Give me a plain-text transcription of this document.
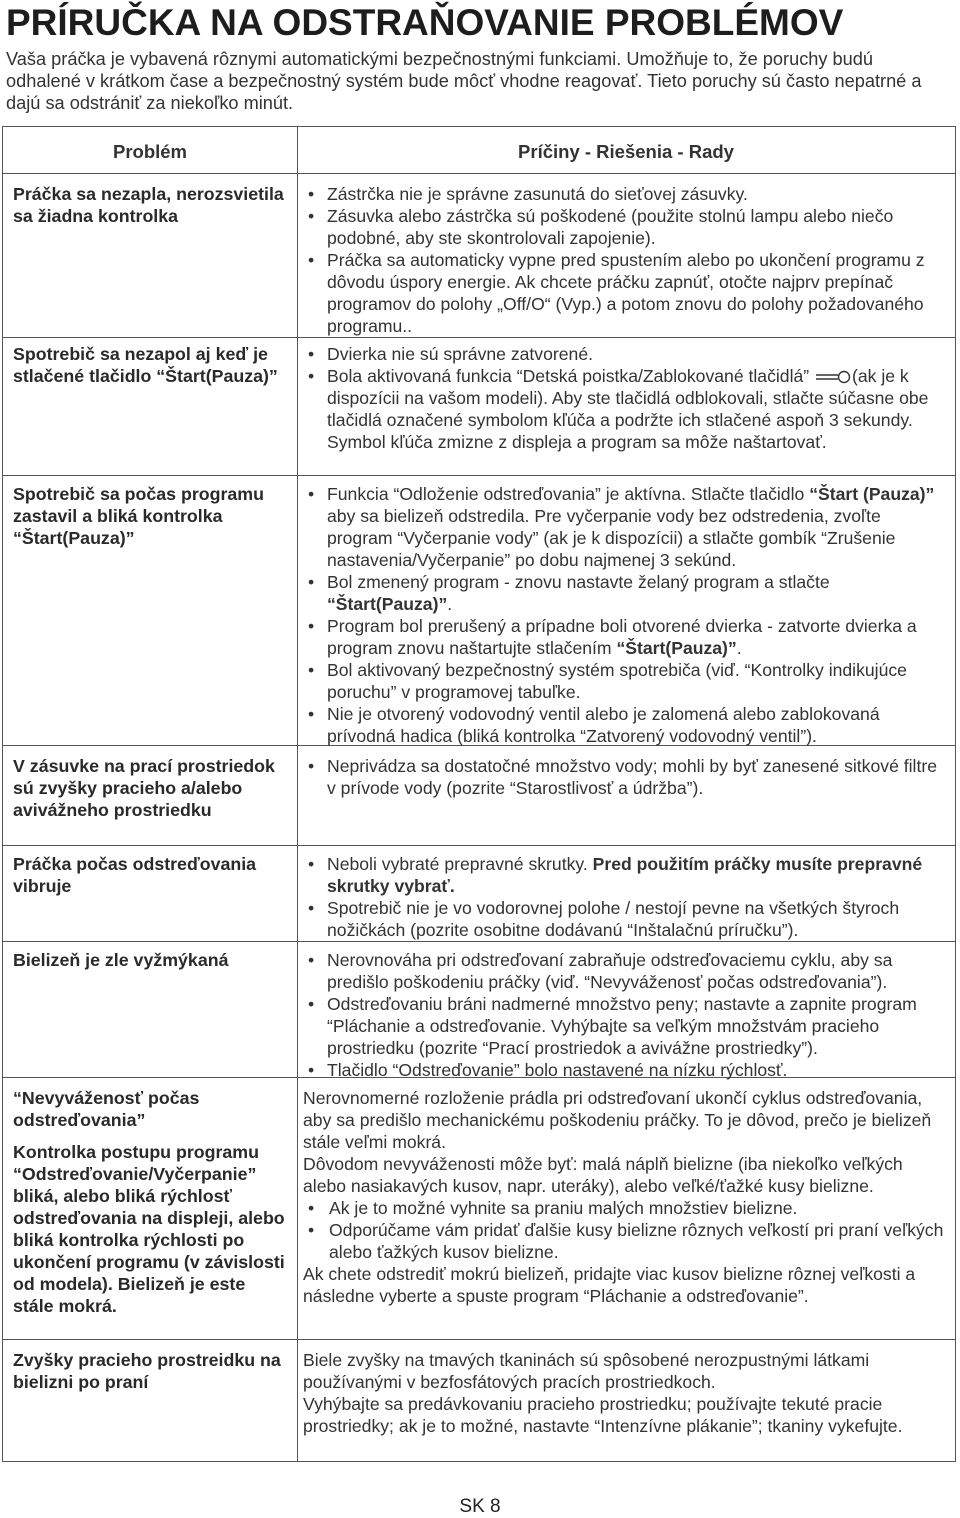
PRÍRUČKA NA ODSTRAŇOVANIE PROBLÉMOV

Vaša práčka je vybavená rôznymi automatickými bezpečnostnými funkciami. Umožňuje to, že poruchy budú odhalené v krátkom čase a bezpečnostný systém bude môcť vhodne reagovať. Tieto poruchy sú často nepatrné a dajú sa odstrániť za niekoľko minút.

Problém	Príčiny - Riešenia - Rady
Práčka sa nezapla, nerozsvietila sa žiadna kontrolka
• Zástrčka nie je správne zasunutá do sieťovej zásuvky.
• Zásuvka alebo zástrčka sú poškodené (použite stolnú lampu alebo niečo podobné, aby ste skontrolovali zapojenie).
• Práčka sa automaticky vypne pred spustením alebo po ukončení programu z dôvodu úspory energie. Ak chcete práčku zapnúť, otočte najprv prepínač programov do polohy „Off/O“ (Vyp.) a potom znovu do polohy požadovaného programu..
Spotrebič sa nezapol aj keď je stlačené tlačidlo “Štart(Pauza)”
• Dvierka nie sú správne zatvorené.
• Bola aktivovaná funkcia “Detská poistka/Zablokované tlačidlá” (ak je k dispozícii na vašom modeli). Aby ste tlačidlá odblokovali, stlačte súčasne obe tlačidlá označené symbolom kľúča a podržte ich stlačené aspoň 3 sekundy. Symbol kľúča zmizne z displeja a program sa môže naštartovať.
Spotrebič sa počas programu zastavil a bliká kontrolka “Štart(Pauza)”
• Funkcia “Odloženie odstreďovania” je aktívna. Stlačte tlačidlo “Štart (Pauza)” aby sa bielizeň odstredila. Pre vyčerpanie vody bez odstredenia, zvoľte program “Vyčerpanie vody” (ak je k dispozícii) a stlačte gombík “Zrušenie nastavenia/Vyčerpanie” po dobu najmenej 3 sekúnd.
• Bol zmenený program - znovu nastavte želaný program a stlačte “Štart(Pauza)”.
• Program bol prerušený a prípadne boli otvorené dvierka - zatvorte dvierka a program znovu naštartujte stlačením “Štart(Pauza)”.
• Bol aktivovaný bezpečnostný systém spotrebiča (viď. “Kontrolky indikujúce poruchu” v programovej tabuľke.
• Nie je otvorený vodovodný ventil alebo je zalomená alebo zablokovaná prívodná hadica (bliká kontrolka “Zatvorený vodovodný ventil”).
V zásuvke na prací prostriedok sú zvyšky pracieho a/alebo avivážneho prostriedku
• Neprivádza sa dostatočné množstvo vody; mohli by byť zanesené sitkové filtre v prívode vody (pozrite “Starostlivosť a údržba”).
Práčka počas odstreďovania vibruje
• Neboli vybraté prepravné skrutky. Pred použitím práčky musíte prepravné skrutky vybrať.
• Spotrebič nie je vo vodorovnej polohe / nestojí pevne na všetkých štyroch nožičkách (pozrite osobitne dodávanú “Inštalačnú príručku”).
Bielizeň je zle vyžmýkaná
•	Nerovnováha pri odstreďovaní zabraňuje odstreďovaciemu cyklu, aby sa predišlo poškodeniu práčky (viď. “Nevyváženosť počas odstreďovania”).
• Odstreďovaniu bráni nadmerné množstvo peny; nastavte a zapnite program “Pláchanie a odstreďovanie. Vyhýbajte sa veľkým množstvám pracieho prostriedku (pozrite “Prací prostriedok a avivážne prostriedky”).
• Tlačidlo “Odstreďovanie” bolo nastavené na nízku rýchlosť.
“Nevyváženosť počas odstreďovania”
Kontrolka postupu programu “Odstreďovanie/Vyčerpanie” bliká, alebo bliká rýchlosť odstreďovania na displeji, alebo bliká kontrolka rýchlosti po ukončení programu (v závislosti od modela). Bielizeň je este stále mokrá.

Nerovnomerné rozloženie prádla pri odstreďovaní ukončí cyklus odstreďovania, aby sa predišlo mechanickému poškodeniu práčky. To je dôvod, prečo je bielizeň stále veľmi mokrá.

Dôvodom nevyváženosti môže byť: malá náplň bielizne (iba niekoľko veľkých alebo nasiakavých kusov, napr. uteráky), alebo veľké/ťažké kusy bielizne.

• Ak je to možné vyhnite sa praniu malých množstiev bielizne.
• Odporúčame vám pridať ďalšie kusy bielizne rôznych veľkostí pri praní veľkých alebo ťažkých kusov bielizne.

Ak chete odstrediť mokrú bielizeň, pridajte viac kusov bielizne rôznej veľkosti a následne vyberte a spuste program “Pláchanie a odstreďovanie”.

Zvyšky pracieho prostreidku na bielizni po praní

Biele zvyšky na tmavých tkaninách sú spôsobené nerozpustnými látkami používanými v bezfosfátových pracích prostriedkoch.

Vyhýbajte sa predávkovaniu pracieho prostriedku; používajte tekuté pracie prostriedky; ak je to možné, nastavte “Intenzívne plákanie”; tkaniny vykefujte.

SK 8
